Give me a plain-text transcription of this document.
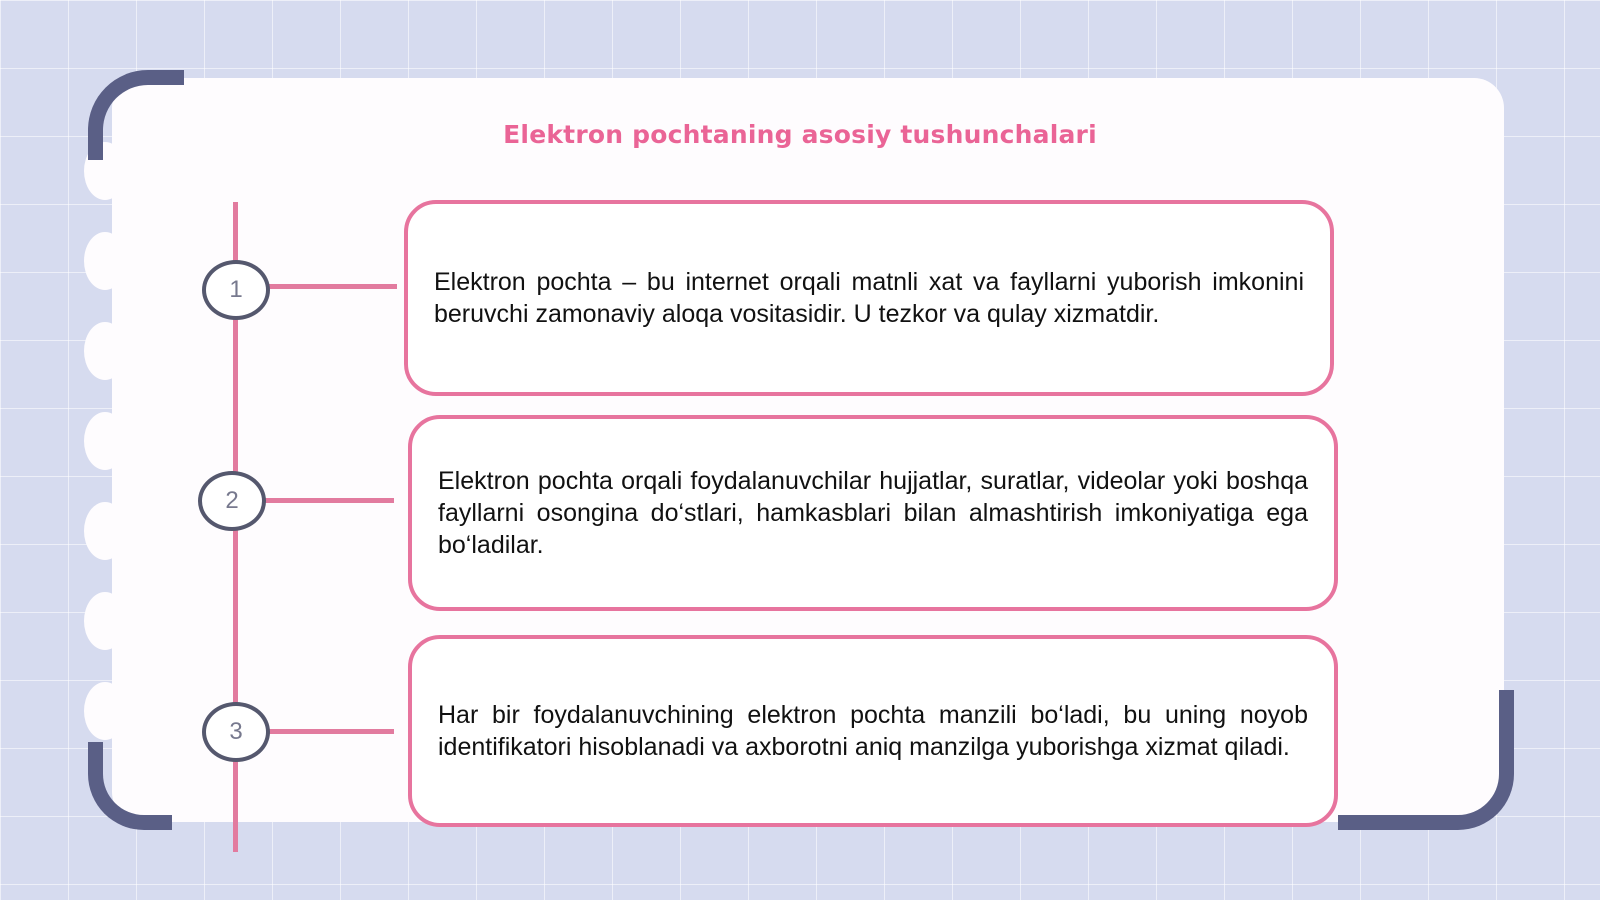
Elektron pochtaning asosiy tushunchalari
1
2
3

Elektron pochta – bu internet orqali matnli xat va fayllarni yuborish imkonini beruvchi zamonaviy aloqa vositasidir. U tezkor va qulay xizmatdir.

Elektron pochta orqali foydalanuvchilar hujjatlar, suratlar, videolar yoki boshqa fayllarni osongina do‘stlari, hamkasblari bilan almashtirish imkoniyatiga ega bo‘ladilar.

Har bir foydalanuvchining elektron pochta manzili bo‘ladi, bu uning noyob identifikatori hisoblanadi va axborotni aniq manzilga yuborishga xizmat qiladi.
